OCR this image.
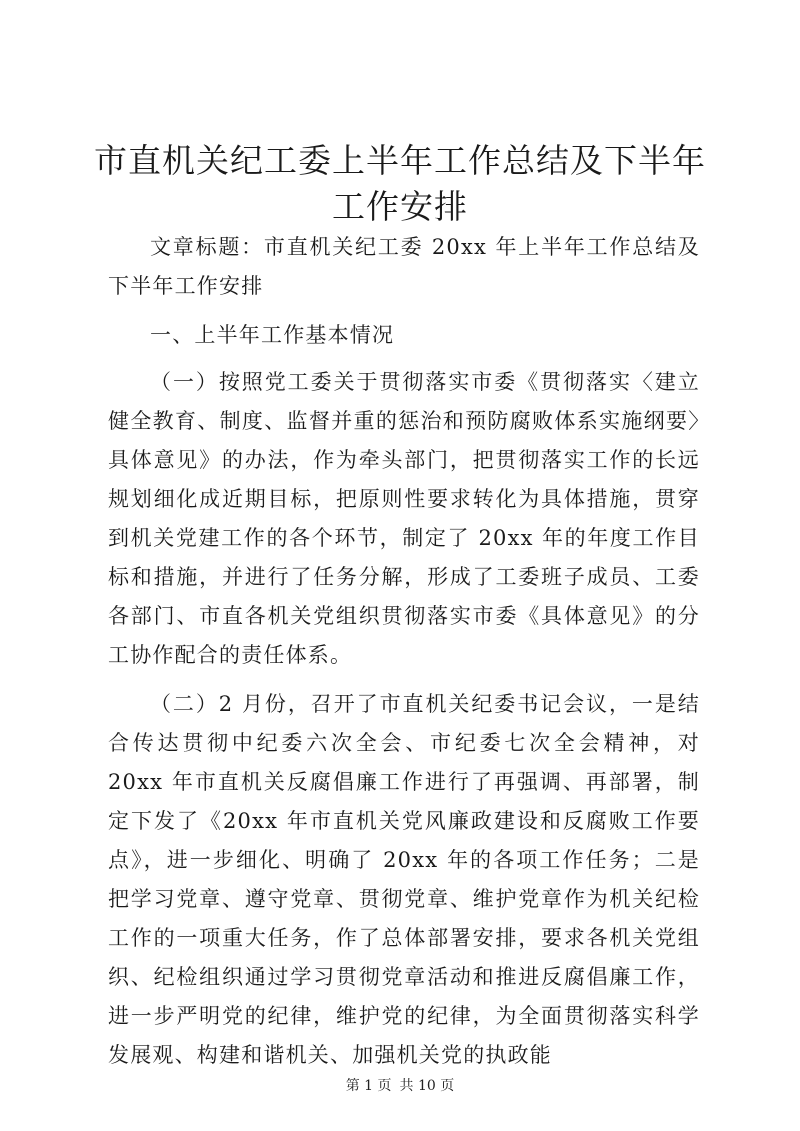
市直机关纪工委上半年工作总结及下半年工作安排

文章标题：市直机关纪工委 20xx 年上半年工作总结及下半年工作安排

一、上半年工作基本情况

（一）按照党工委关于贯彻落实市委《贯彻落实〈建立健全教育、制度、监督并重的惩治和预防腐败体系实施纲要〉具体意见》的办法，作为牵头部门，把贯彻落实工作的长远规划细化成近期目标，把原则性要求转化为具体措施，贯穿到机关党建工作的各个环节，制定了 20xx 年的年度工作目标和措施，并进行了任务分解，形成了工委班子成员、工委各部门、市直各机关党组织贯彻落实市委《具体意见》的分工协作配合的责任体系。

（二）2 月份，召开了市直机关纪委书记会议，一是结合传达贯彻中纪委六次全会、市纪委七次全会精神，对 20xx 年市直机关反腐倡廉工作进行了再强调、再部署，制定下发了《20xx 年市直机关党风廉政建设和反腐败工作要点》，进一步细化、明确了 20xx 年的各项工作任务；二是把学习党章、遵守党章、贯彻党章、维护党章作为机关纪检工作的一项重大任务，作了总体部署安排，要求各机关党组织、纪检组织通过学习贯彻党章活动和推进反腐倡廉工作，进一步严明党的纪律，维护党的纪律，为全面贯彻落实科学发展观、构建和谐机关、加强机关党的执政能

第 1 页 共 10 页
